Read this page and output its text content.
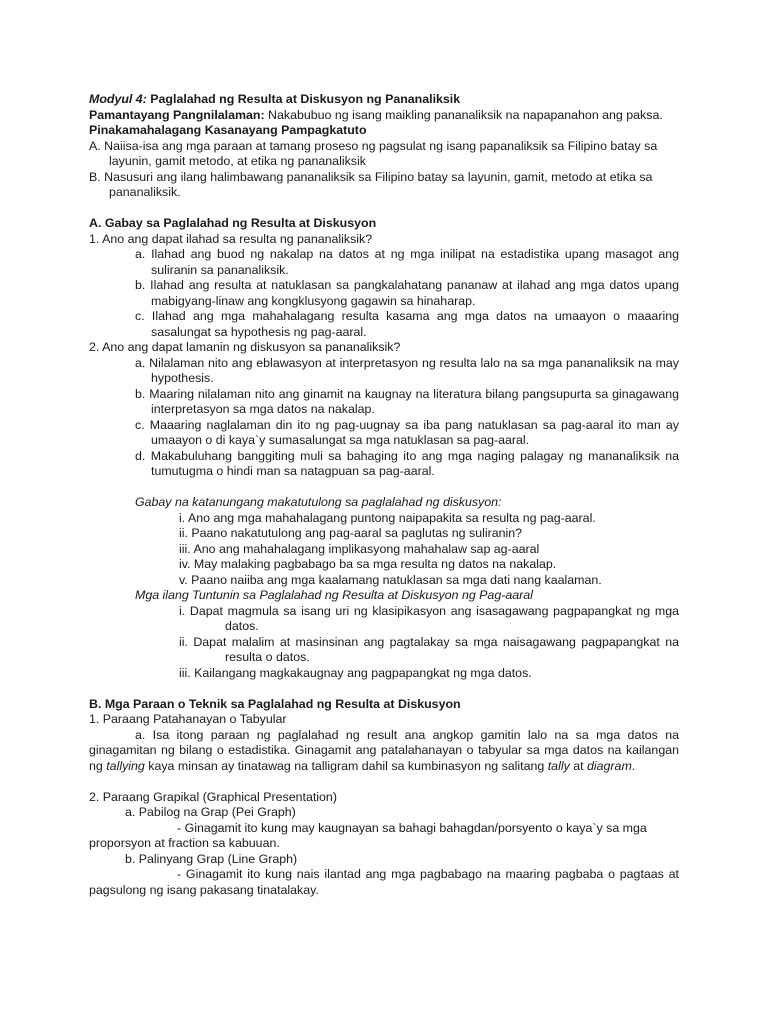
Modyul 4: Paglalahad ng Resulta at Diskusyon ng Pananaliksik
Pamantayang Pangnilalaman: Nakabubuo ng isang maikling pananaliksik na napapanahon ang paksa.
Pinakamahalagang Kasanayang Pampagkatuto
A. Naiisa-isa ang mga paraan at tamang proseso ng pagsulat ng isang papanaliksik sa Filipino batay sa layunin, gamit metodo, at etika ng pananaliksik
B. Nasusuri ang ilang halimbawang pananaliksik sa Filipino batay sa layunin, gamit, metodo at etika sa pananaliksik.
A. Gabay sa Paglalahad ng Resulta at Diskusyon
1. Ano ang dapat ilahad sa resulta ng pananaliksik?
a. Ilahad ang buod ng nakalap na datos at ng mga inilipat na estadistika upang masagot ang suliranin sa pananaliksik.
b. Ilahad ang resulta at natuklasan sa pangkalahatang pananaw at ilahad ang mga datos upang mabigyang-linaw ang kongklusyong gagawin sa hinaharap.
c. Ilahad ang mga mahahalagang resulta kasama ang mga datos na umaayon o maaaring sasalungat sa hypothesis ng pag-aaral.
2. Ano ang dapat lamanin ng diskusyon sa pananaliksik?
a. Nilalaman nito ang eblawasyon at interpretasyon ng resulta lalo na sa mga pananaliksik na may hypothesis.
b. Maaring nilalaman nito ang ginamit na kaugnay na literatura bilang pangsupurta sa ginagawang interpretasyon sa mga datos na nakalap.
c. Maaaring naglalaman din ito ng pag-uugnay sa iba pang natuklasan sa pag-aaral ito man ay umaayon o di kaya`y sumasalungat sa mga natuklasan sa pag-aaral.
d. Makabuluhang banggiting muli sa bahaging ito ang mga naging palagay ng mananaliksik na tumutugma o hindi man sa natagpuan sa pag-aaral.
Gabay na katanungang makatutulong sa paglalahad ng diskusyon:
i. Ano ang mga mahahalagang puntong naipapakita sa resulta ng pag-aaral.
ii. Paano nakatutulong ang pag-aaral sa paglutas ng suliranin?
iii. Ano ang mahahalagang implikasyong mahahalaw sap ag-aaral
iv. May malaking pagbabago ba sa mga resulta ng datos na nakalap.
v. Paano naiiba ang mga kaalamang natuklasan sa mga dati nang kaalaman.
Mga ilang Tuntunin sa Paglalahad ng Resulta at Diskusyon ng Pag-aaral
i. Dapat magmula sa isang uri ng klasipikasyon ang isasagawang pagpapangkat ng mga datos.
ii. Dapat malalim at masinsinan ang pagtalakay sa mga naisagawang pagpapangkat na resulta o datos.
iii. Kailangang magkakaugnay ang pagpapangkat ng mga datos.
B. Mga Paraan o Teknik sa Paglalahad ng Resulta at Diskusyon
1. Paraang Patahanayan o Tabyular
a. Isa itong paraan ng paglalahad ng result ana angkop gamitin lalo na sa mga datos na ginagamitan ng bilang o estadistika. Ginagamit ang patalahanayan o tabyular sa mga datos na kailangan ng tallying kaya minsan ay tinatawag na talligram dahil sa kumbinasyon ng salitang tally at diagram.
2. Paraang Grapikal (Graphical Presentation)
a. Pabilog na Grap (Pei Graph)
- Ginagamit ito kung may kaugnayan sa bahagi bahagdan/porsyento o kaya`y sa mga proporsyon at fraction sa kabuuan.
b. Palinyang Grap (Line Graph)
- Ginagamit ito kung nais ilantad ang mga pagbabago na maaring pagbaba o pagtaas at pagsulong ng isang pakasang tinatalakay.
